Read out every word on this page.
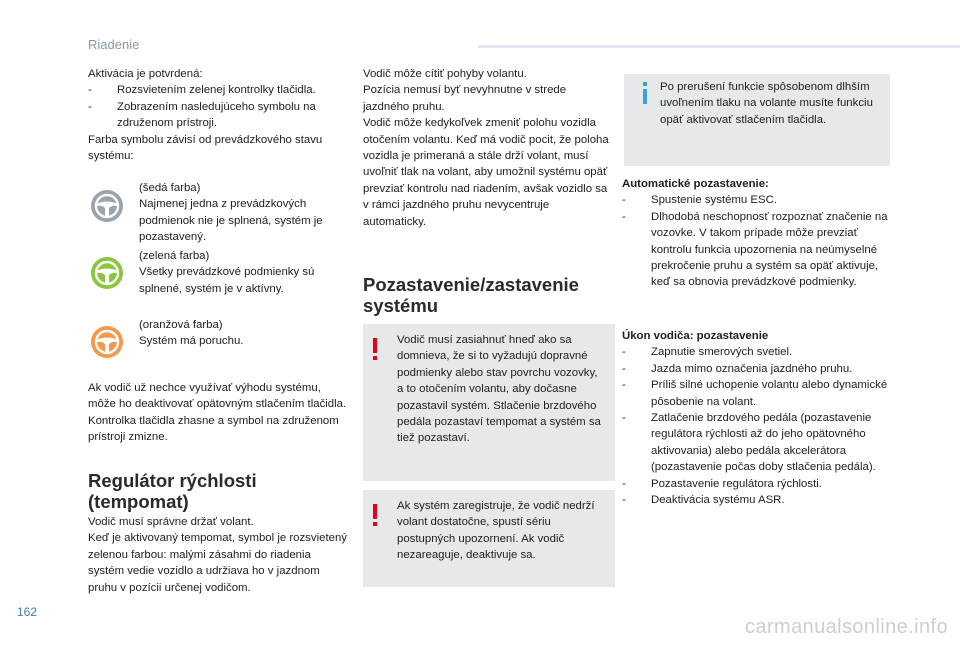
Riadenie

Aktivácia je potvrdená:

- Rozsvietením zelenej kontrolky tlačidla.
- Zobrazením nasledujúceho symbolu na združenom prístroji.

Farba symbolu závisí od prevádzkového stavu systému:

(šedá farba)

Najmenej jedna z prevádzkových podmienok nie je splnená, systém je pozastavený.

(zelená farba)

Všetky prevádzkové podmienky sú splnené, systém je v aktívny.

(oranžová farba)

Systém má poruchu.

Ak vodič už nechce využívať výhodu systému, môže ho deaktivovať opätovným stlačením tlačidla.

Kontrolka tlačidla zhasne a symbol na združenom prístroji zmizne.

Regulátor rýchlosti (tempomat)

Vodič musí správne držať volant.

Keď je aktivovaný tempomat, symbol je rozsvietený zelenou farbou: malými zásahmi do riadenia systém vedie vozidlo a udržiava ho v jazdnom pruhu v pozícii určenej vodičom.

Vodič môže cítiť pohyby volantu.

Pozícia nemusí byť nevyhnutne v strede jazdného pruhu.

Vodič môže kedykoľvek zmeniť polohu vozidla otočením volantu. Keď má vodič pocit, že poloha vozidla je primeraná a stále drží volant, musí uvoľniť tlak na volant, aby umožnil systému opäť prevziať kontrolu nad riadením, avšak vozidlo sa v rámci jazdného pruhu nevycentruje automaticky.

Pozastavenie/zastavenie systému

Vodič musí zasiahnuť hneď ako sa domnieva, že si to vyžadujú dopravné podmienky alebo stav povrchu vozovky, a to otočením volantu, aby dočasne pozastavil systém. Stlačenie brzdového pedála pozastaví tempomat a systém sa tiež pozastaví.

Ak systém zaregistruje, že vodič nedrží volant dostatočne, spustí sériu postupných upozornení. Ak vodič nezareaguje, deaktivuje sa.

Po prerušení funkcie spôsobenom dlhším uvoľnením tlaku na volante musíte funkciu opäť aktivovať stlačením tlačidla.

Automatické pozastavenie:

- Spustenie systému ESC.
- Dlhodobá neschopnosť rozpoznať značenie na vozovke. V takom prípade môže prevziať kontrolu funkcia upozornenia na neúmyselné prekročenie pruhu a systém sa opäť aktivuje, keď sa obnovia prevádzkové podmienky.

Úkon vodiča: pozastavenie

- Zapnutie smerových svetiel.
- Jazda mimo označenia jazdného pruhu.
- Príliš silné uchopenie volantu alebo dynamické pôsobenie na volant.
- Zatlačenie brzdového pedála (pozastavenie regulátora rýchlosti až do jeho opätovného aktivovania) alebo pedála akcelerátora (pozastavenie počas doby stlačenia pedála).
- Pozastavenie regulátora rýchlosti.
- Deaktivácia systému ASR.
162
carmanualsonline.info
